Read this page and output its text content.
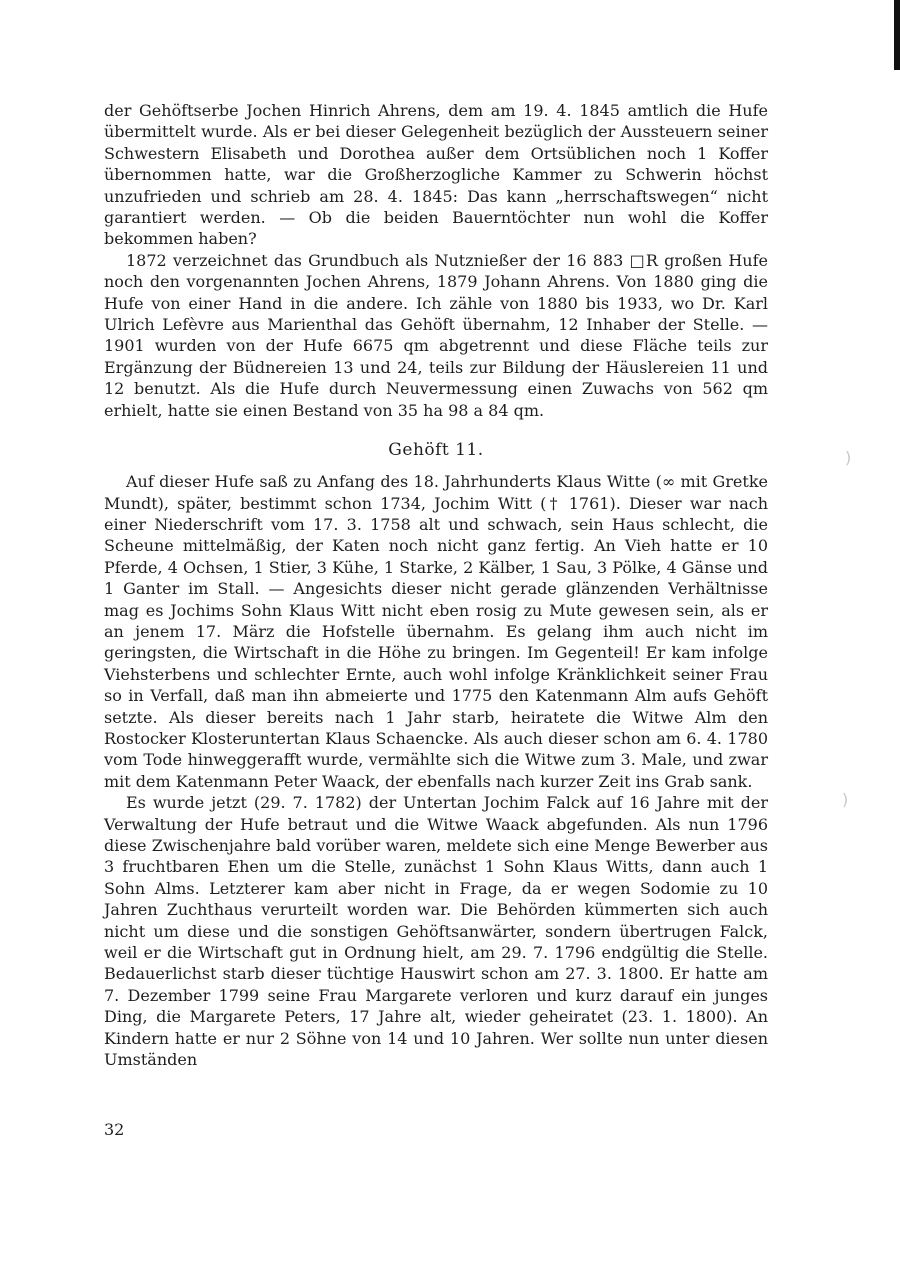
der Gehöftserbe Jochen Hinrich Ahrens, dem am 19. 4. 1845 amtlich die Hufe übermittelt wurde. Als er bei dieser Gelegenheit bezüglich der Aussteuern seiner Schwestern Elisabeth und Dorothea außer dem Ortsüblichen noch 1 Koffer übernommen hatte, war die Großherzogliche Kammer zu Schwerin höchst unzufrieden und schrieb am 28. 4. 1845: Das kann „herrschaftswegen“ nicht garantiert werden. — Ob die beiden Bauerntöchter nun wohl die Koffer bekommen haben?

1872 verzeichnet das Grundbuch als Nutznießer der 16 883 □R großen Hufe noch den vorgenannten Jochen Ahrens, 1879 Johann Ahrens. Von 1880 ging die Hufe von einer Hand in die andere. Ich zähle von 1880 bis 1933, wo Dr. Karl Ulrich Lefèvre aus Marienthal das Gehöft übernahm, 12 Inhaber der Stelle. — 1901 wurden von der Hufe 6675 qm abgetrennt und diese Fläche teils zur Ergänzung der Büdnereien 13 und 24, teils zur Bildung der Häuslereien 11 und 12 benutzt. Als die Hufe durch Neuvermessung einen Zuwachs von 562 qm erhielt, hatte sie einen Bestand von 35 ha 98 a 84 qm.

Gehöft 11.

Auf dieser Hufe saß zu Anfang des 18. Jahrhunderts Klaus Witte (∞ mit Gretke Mundt), später, bestimmt schon 1734, Jochim Witt († 1761). Dieser war nach einer Niederschrift vom 17. 3. 1758 alt und schwach, sein Haus schlecht, die Scheune mittelmäßig, der Katen noch nicht ganz fertig. An Vieh hatte er 10 Pferde, 4 Ochsen, 1 Stier, 3 Kühe, 1 Starke, 2 Kälber, 1 Sau, 3 Pölke, 4 Gänse und 1 Ganter im Stall. — Angesichts dieser nicht gerade glänzenden Verhältnisse mag es Jochims Sohn Klaus Witt nicht eben rosig zu Mute gewesen sein, als er an jenem 17. März die Hofstelle übernahm. Es gelang ihm auch nicht im geringsten, die Wirtschaft in die Höhe zu bringen. Im Gegenteil! Er kam infolge Viehsterbens und schlechter Ernte, auch wohl infolge Kränklichkeit seiner Frau so in Verfall, daß man ihn abmeierte und 1775 den Katenmann Alm aufs Gehöft setzte. Als dieser bereits nach 1 Jahr starb, heiratete die Witwe Alm den Rostocker Klosteruntertan Klaus Schaencke. Als auch dieser schon am 6. 4. 1780 vom Tode hinweggerafft wurde, vermählte sich die Witwe zum 3. Male, und zwar mit dem Katenmann Peter Waack, der ebenfalls nach kurzer Zeit ins Grab sank.

Es wurde jetzt (29. 7. 1782) der Untertan Jochim Falck auf 16 Jahre mit der Verwaltung der Hufe betraut und die Witwe Waack abgefunden. Als nun 1796 diese Zwischenjahre bald vorüber waren, meldete sich eine Menge Bewerber aus 3 fruchtbaren Ehen um die Stelle, zunächst 1 Sohn Klaus Witts, dann auch 1 Sohn Alms. Letzterer kam aber nicht in Frage, da er wegen Sodomie zu 10 Jahren Zuchthaus verurteilt worden war. Die Behörden kümmerten sich auch nicht um diese und die sonstigen Gehöftsanwärter, sondern übertrugen Falck, weil er die Wirtschaft gut in Ordnung hielt, am 29. 7. 1796 endgültig die Stelle. Bedauerlichst starb dieser tüchtige Hauswirt schon am 27. 3. 1800. Er hatte am 7. Dezember 1799 seine Frau Margarete verloren und kurz darauf ein junges Ding, die Margarete Peters, 17 Jahre alt, wieder geheiratet (23. 1. 1800). An Kindern hatte er nur 2 Söhne von 14 und 10 Jahren. Wer sollte nun unter diesen Umständen

)
)
32
